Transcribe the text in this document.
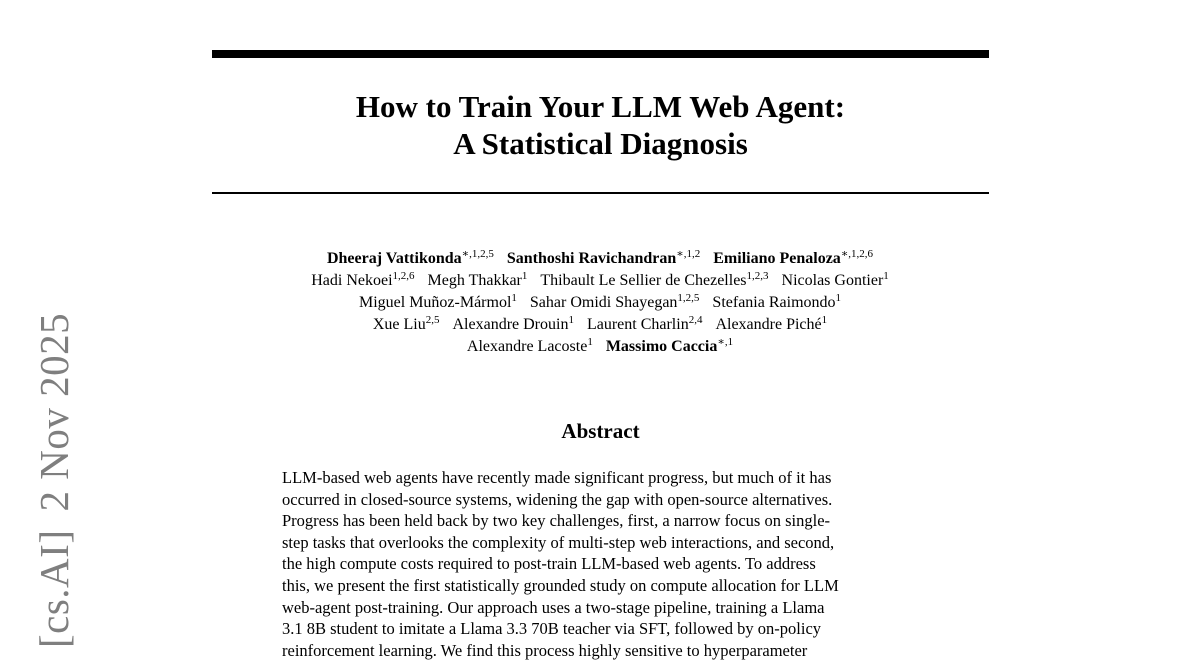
[cs.AI]2 Nov 2025
How to Train Your LLM Web Agent:
A Statistical Diagnosis
Dheeraj Vattikonda$^{∗,1,2,5}$ Santhoshi Ravichandran$^{∗,1,2}$ Emiliano Penaloza$^{∗,1,2,6}$
Hadi Nekoei$^{1,2,6}$ Megh Thakkar$^1$ Thibault Le Sellier de Chezelles$^{1,2,3}$ Nicolas Gontier$^1$
Miguel Muñoz-Mármol$^1$ Sahar Omidi Shayegan$^{1,2,5}$ Stefania Raimondo$^1$
Xue Liu$^{2,5}$ Alexandre Drouin$^1$ Laurent Charlin$^{2,4}$ Alexandre Piché$^1$
Alexandre Lacoste$^1$ Massimo Caccia$^{∗,1}$
Abstract
LLM-based web agents have recently made significant progress, but much of it has
occurred in closed-source systems, widening the gap with open-source alternatives.
Progress has been held back by two key challenges, first, a narrow focus on single-
step tasks that overlooks the complexity of multi-step web interactions, and second,
the high compute costs required to post-train LLM-based web agents. To address
this, we present the first statistically grounded study on compute allocation for LLM
web-agent post-training. Our approach uses a two-stage pipeline, training a Llama
3.1 8B student to imitate a Llama 3.3 70B teacher via SFT, followed by on-policy
reinforcement learning. We find this process highly sensitive to hyperparameter
